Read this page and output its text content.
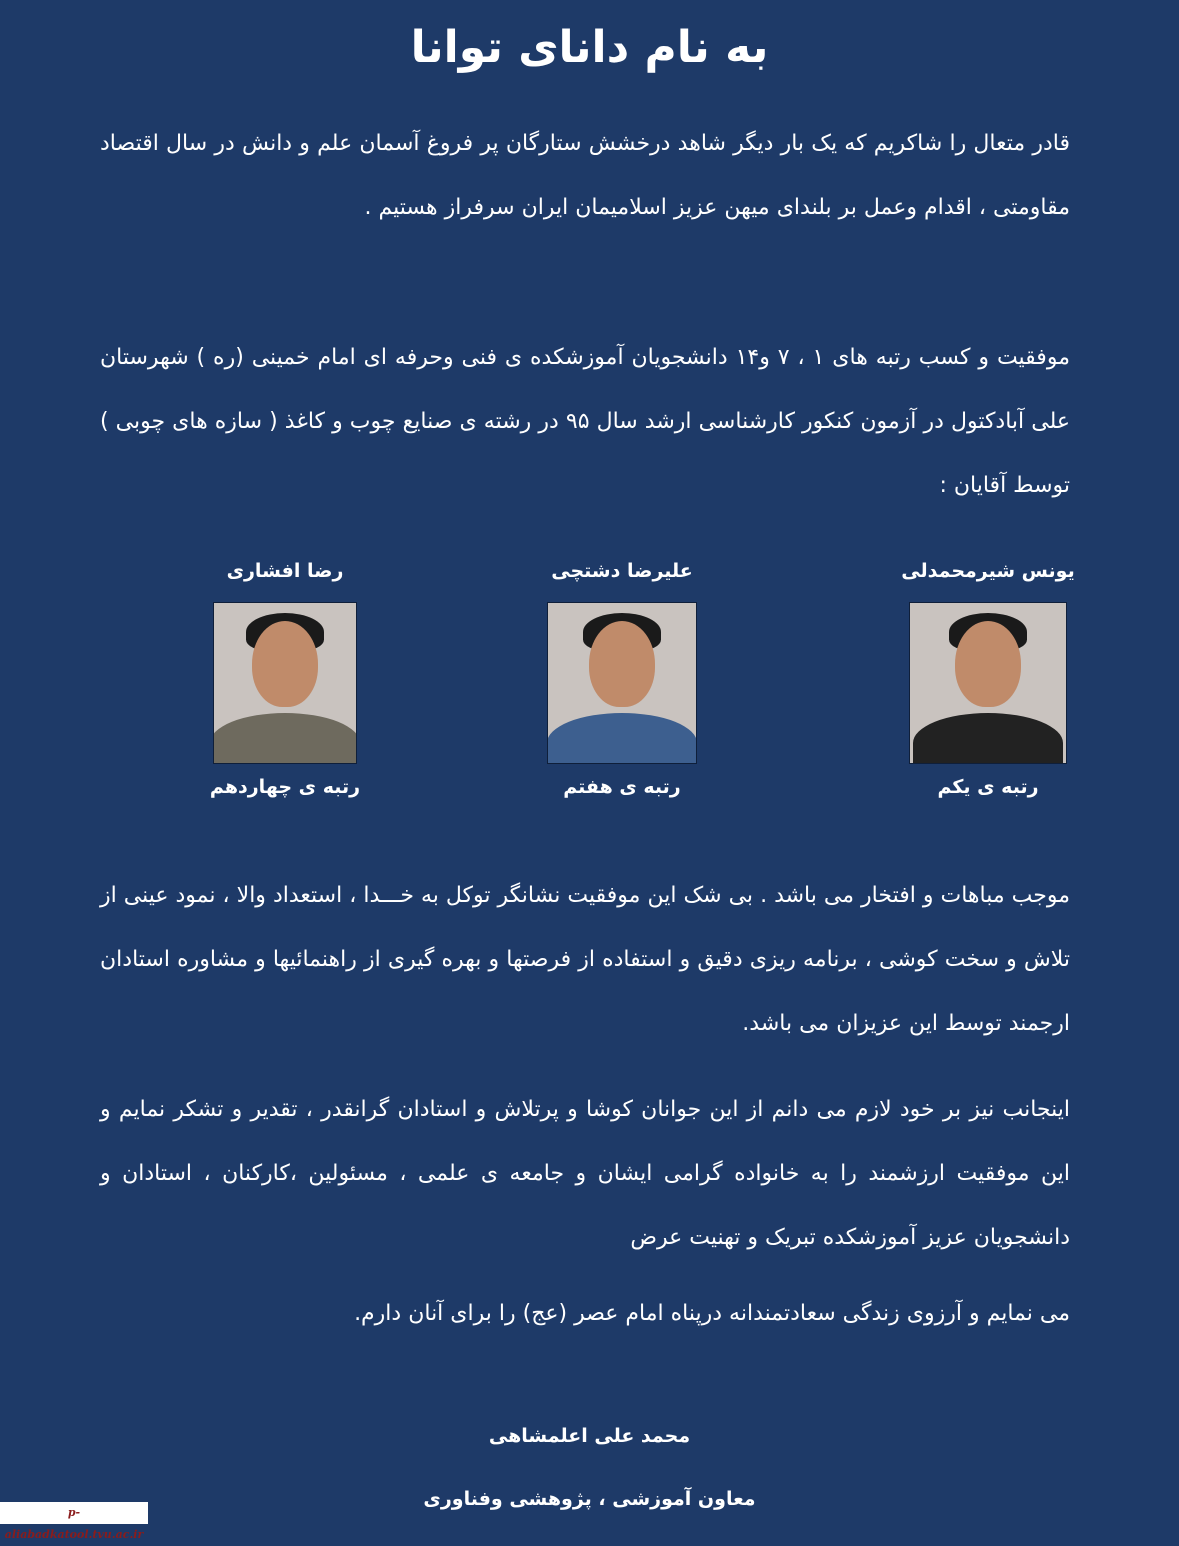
به نام دانای توانا
قادر متعال را شاکریم که یک بار دیگر شاهد درخشش ستارگان پر فروغ آسمان علم و دانش در سال اقتصاد مقاومتی ، اقدام وعمل بر بلندای میهن عزیز اسلامیمان ایران سرفراز هستیم .
موفقیت و کسب رتبه های ۱ ، ۷ و۱۴ دانشجویان آموزشکده ی فنی وحرفه ای امام خمینی (ره ) شهرستان علی آبادکتول در آزمون کنکور کارشناسی ارشد سال ۹۵ در رشته ی صنایع چوب و کاغذ ( سازه های چوبی ) توسط آقایان :
یونس شیرمحمدلی
رتبه ی یکم
علیرضا دشتچی
رتبه ی هفتم
رضا افشاری
رتبه ی چهاردهم
موجب مباهات و افتخار می باشد . بی شک این موفقیت نشانگر توکل به خـــدا ، استعداد والا ، نمود عینی از تلاش و سخت کوشی ، برنامه ریزی دقیق و استفاده از فرصتها و بهره گیری از راهنمائیها و مشاوره استادان ارجمند توسط این عزیزان می باشد.
اینجانب نیز بر خود لازم می دانم از این جوانان کوشا و پرتلاش و استادان گرانقدر ، تقدیر و تشکر نمایم و این موفقیت ارزشمند را به خانواده گرامی ایشان و جامعه ی علمی ، مسئولین ،کارکنان ، استادان و دانشجویان عزیز آموزشکده تبریک و تهنیت عرض
می نمایم و آرزوی زندگی سعادتمندانه درپناه امام عصر (عج) را برای آنان دارم.
محمد علی اعلمشاهی
معاون آموزشی ، پژوهشی وفناوری
p-aliabadkatool.tvu.ac.ir
